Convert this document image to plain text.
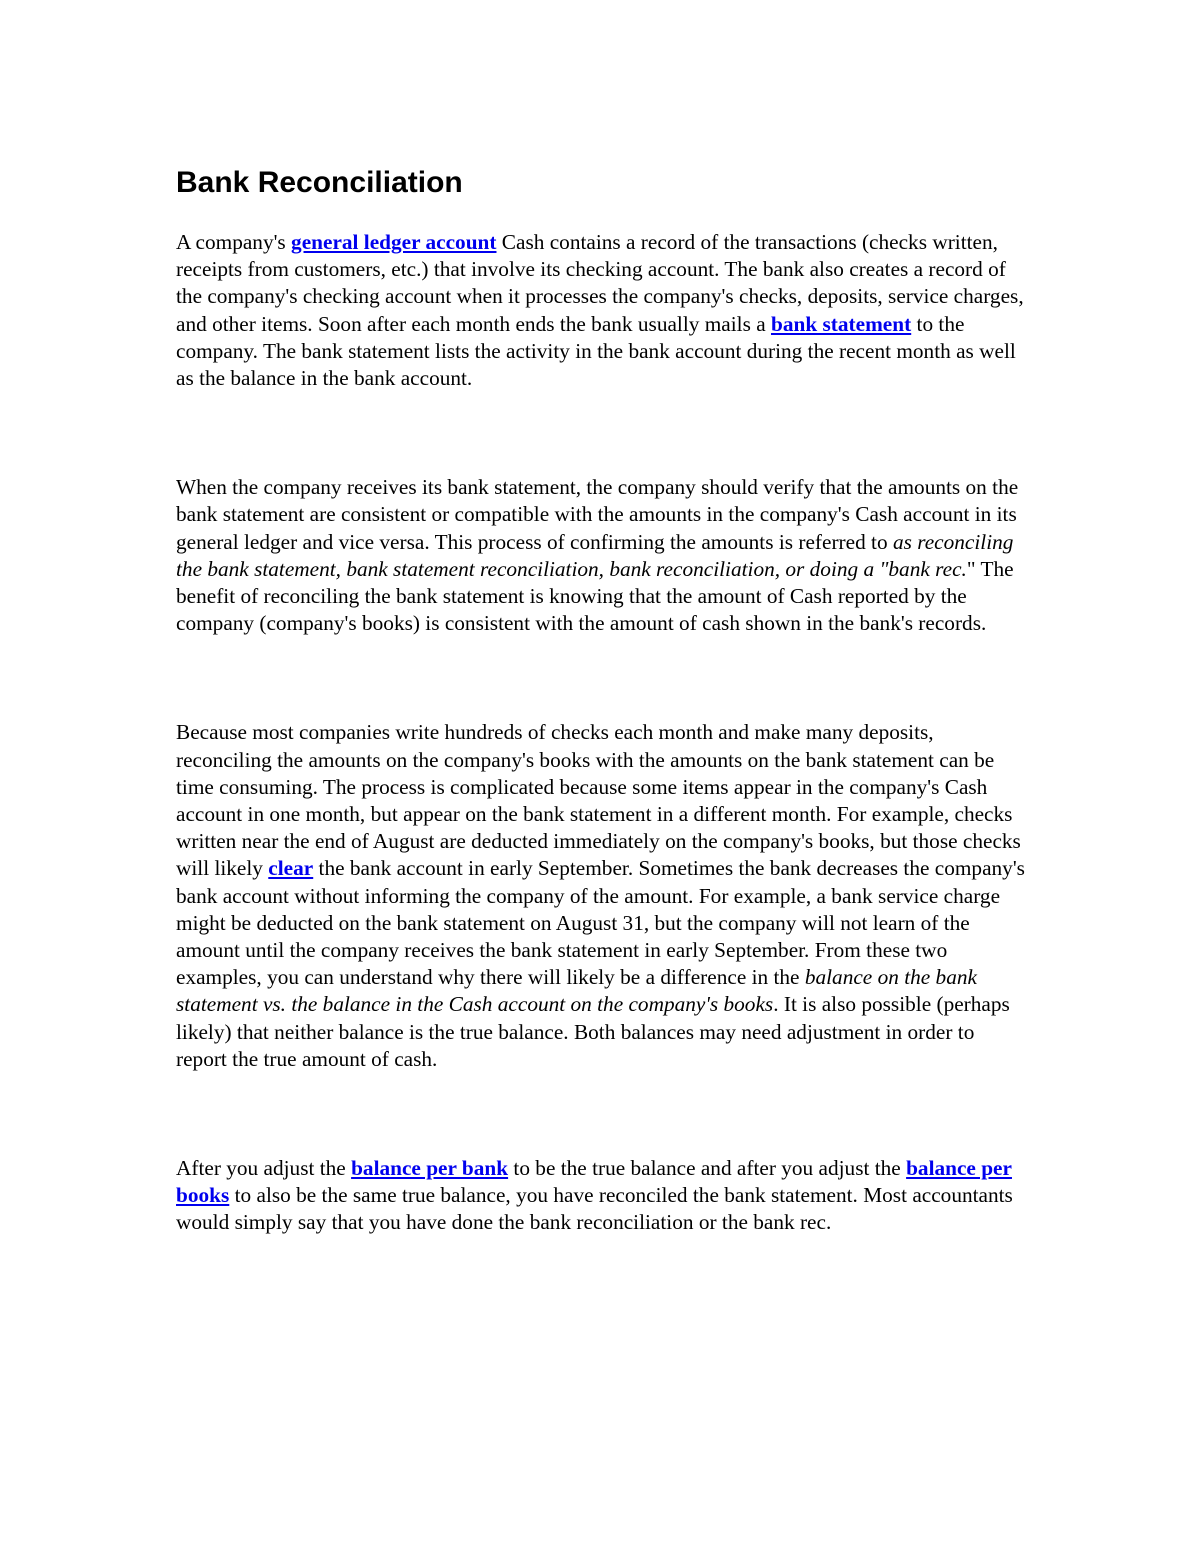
Bank Reconciliation

A company's general ledger account Cash contains a record of the transactions (checks written, receipts from customers, etc.) that involve its checking account. The bank also creates a record of the company's checking account when it processes the company's checks, deposits, service charges, and other items. Soon after each month ends the bank usually mails a bank statement to the company. The bank statement lists the activity in the bank account during the recent month as well as the balance in the bank account.

When the company receives its bank statement, the company should verify that the amounts on the bank statement are consistent or compatible with the amounts in the company's Cash account in its general ledger and vice versa. This process of confirming the amounts is referred to as reconciling the bank statement, bank statement reconciliation, bank reconciliation, or doing a "bank rec." The benefit of reconciling the bank statement is knowing that the amount of Cash reported by the company (company's books) is consistent with the amount of cash shown in the bank's records.

Because most companies write hundreds of checks each month and make many deposits, reconciling the amounts on the company's books with the amounts on the bank statement can be time consuming. The process is complicated because some items appear in the company's Cash account in one month, but appear on the bank statement in a different month. For example, checks written near the end of August are deducted immediately on the company's books, but those checks will likely clear the bank account in early September. Sometimes the bank decreases the company's bank account without informing the company of the amount. For example, a bank service charge might be deducted on the bank statement on August 31, but the company will not learn of the amount until the company receives the bank statement in early September. From these two examples, you can understand why there will likely be a difference in the balance on the bank statement vs. the balance in the Cash account on the company's books. It is also possible (perhaps likely) that neither balance is the true balance. Both balances may need adjustment in order to report the true amount of cash.

After you adjust the balance per bank to be the true balance and after you adjust the balance per books to also be the same true balance, you have reconciled the bank statement. Most accountants would simply say that you have done the bank reconciliation or the bank rec.
